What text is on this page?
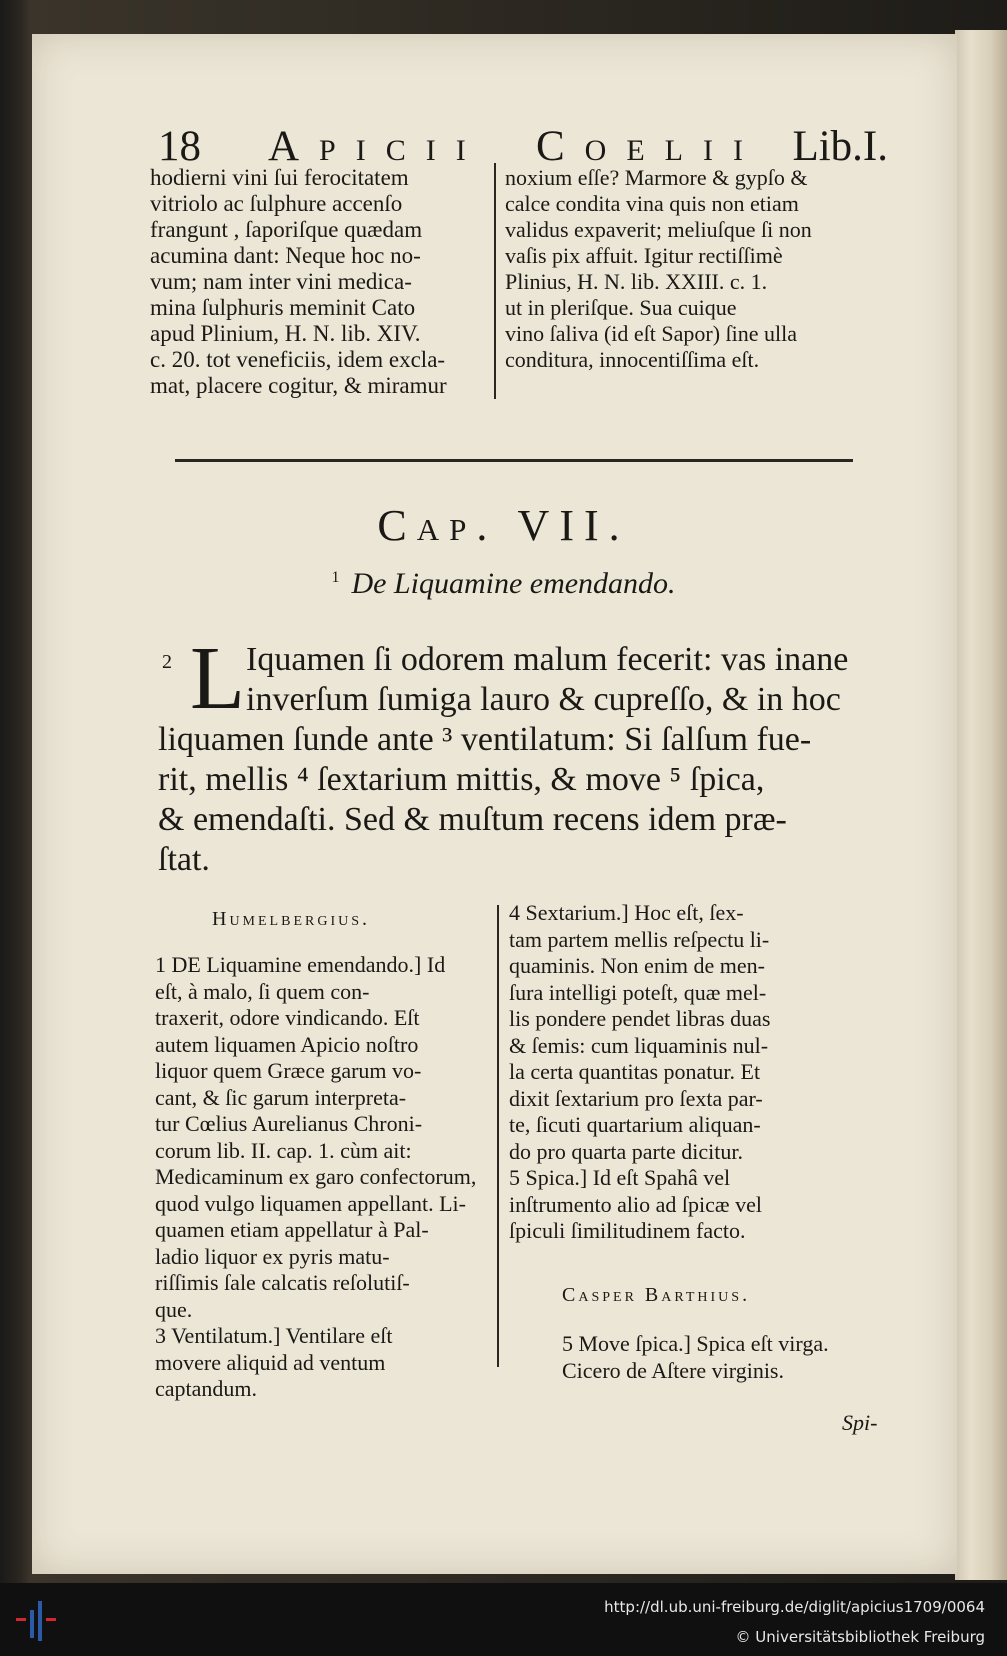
18 Apicii Coelii Lib.I.
hodierni vini ſui ferocitatem
vitriolo ac ſulphure accenſo
frangunt , ſaporiſque quædam
acumina dant: Neque hoc no-
vum; nam inter vini medica-
mina ſulphuris meminit Cato
apud Plinium, H. N. lib. XIV.
c. 20. tot veneficiis, idem excla-
mat, placere cogitur, & miramur
noxium eſſe? Marmore & gypſo &
calce condita vina quis non etiam
validus expaverit; meliuſque ſi non
vaſis pix affuit. Igitur rectiſſimè
Plinius, H. N. lib. XXIII. c. 1.
ut in pleriſque. Sua cuique
vino ſaliva (id eſt Sapor) ſine ulla
conditura, innocentiſſima eſt.
Cap. VII.
$^1$ De Liquamine emendando.
2 L Iquamen ſi odorem malum fecerit: vas inane
inverſum ſumiga lauro & cupreſſo, & in hoc
liquamen ſunde ante ³ ventilatum: Si ſalſum fue-
rit, mellis ⁴ ſextarium mittis, & move ⁵ ſpica,
& emendaſti. Sed & muſtum recens idem præ-
ſtat.
Humelbergius.
1 DE Liquamine emendando.] Id
eſt, à malo, ſi quem con-
traxerit, odore vindicando. Eſt
autem liquamen Apicio noſtro
liquor quem Græce garum vo-
cant, & ſic garum interpreta-
tur Cœlius Aurelianus Chroni-
corum lib. II. cap. 1. cùm ait:
Medicaminum ex garo confectorum,
quod vulgo liquamen appellant. Li-
quamen etiam appellatur à Pal-
ladio liquor ex pyris matu-
riſſimis ſale calcatis reſolutiſ-
que.
3 Ventilatum.] Ventilare eſt
movere aliquid ad ventum
captandum.
4 Sextarium.] Hoc eſt, ſex-
tam partem mellis reſpectu li-
quaminis. Non enim de men-
ſura intelligi poteſt, quæ mel-
lis pondere pendet libras duas
& ſemis: cum liquaminis nul-
la certa quantitas ponatur. Et
dixit ſextarium pro ſexta par-
te, ſicuti quartarium aliquan-
do pro quarta parte dicitur.
5 Spica.] Id eſt Spahâ vel
inſtrumento alio ad ſpicæ vel
ſpiculi ſimilitudinem facto.
Casper Barthius.
5 Move ſpica.] Spica eſt virga.
Cicero de Aſtere virginis.
Spi-
http://dl.ub.uni-freiburg.de/diglit/apicius1709/0064
© Universitätsbibliothek Freiburg
